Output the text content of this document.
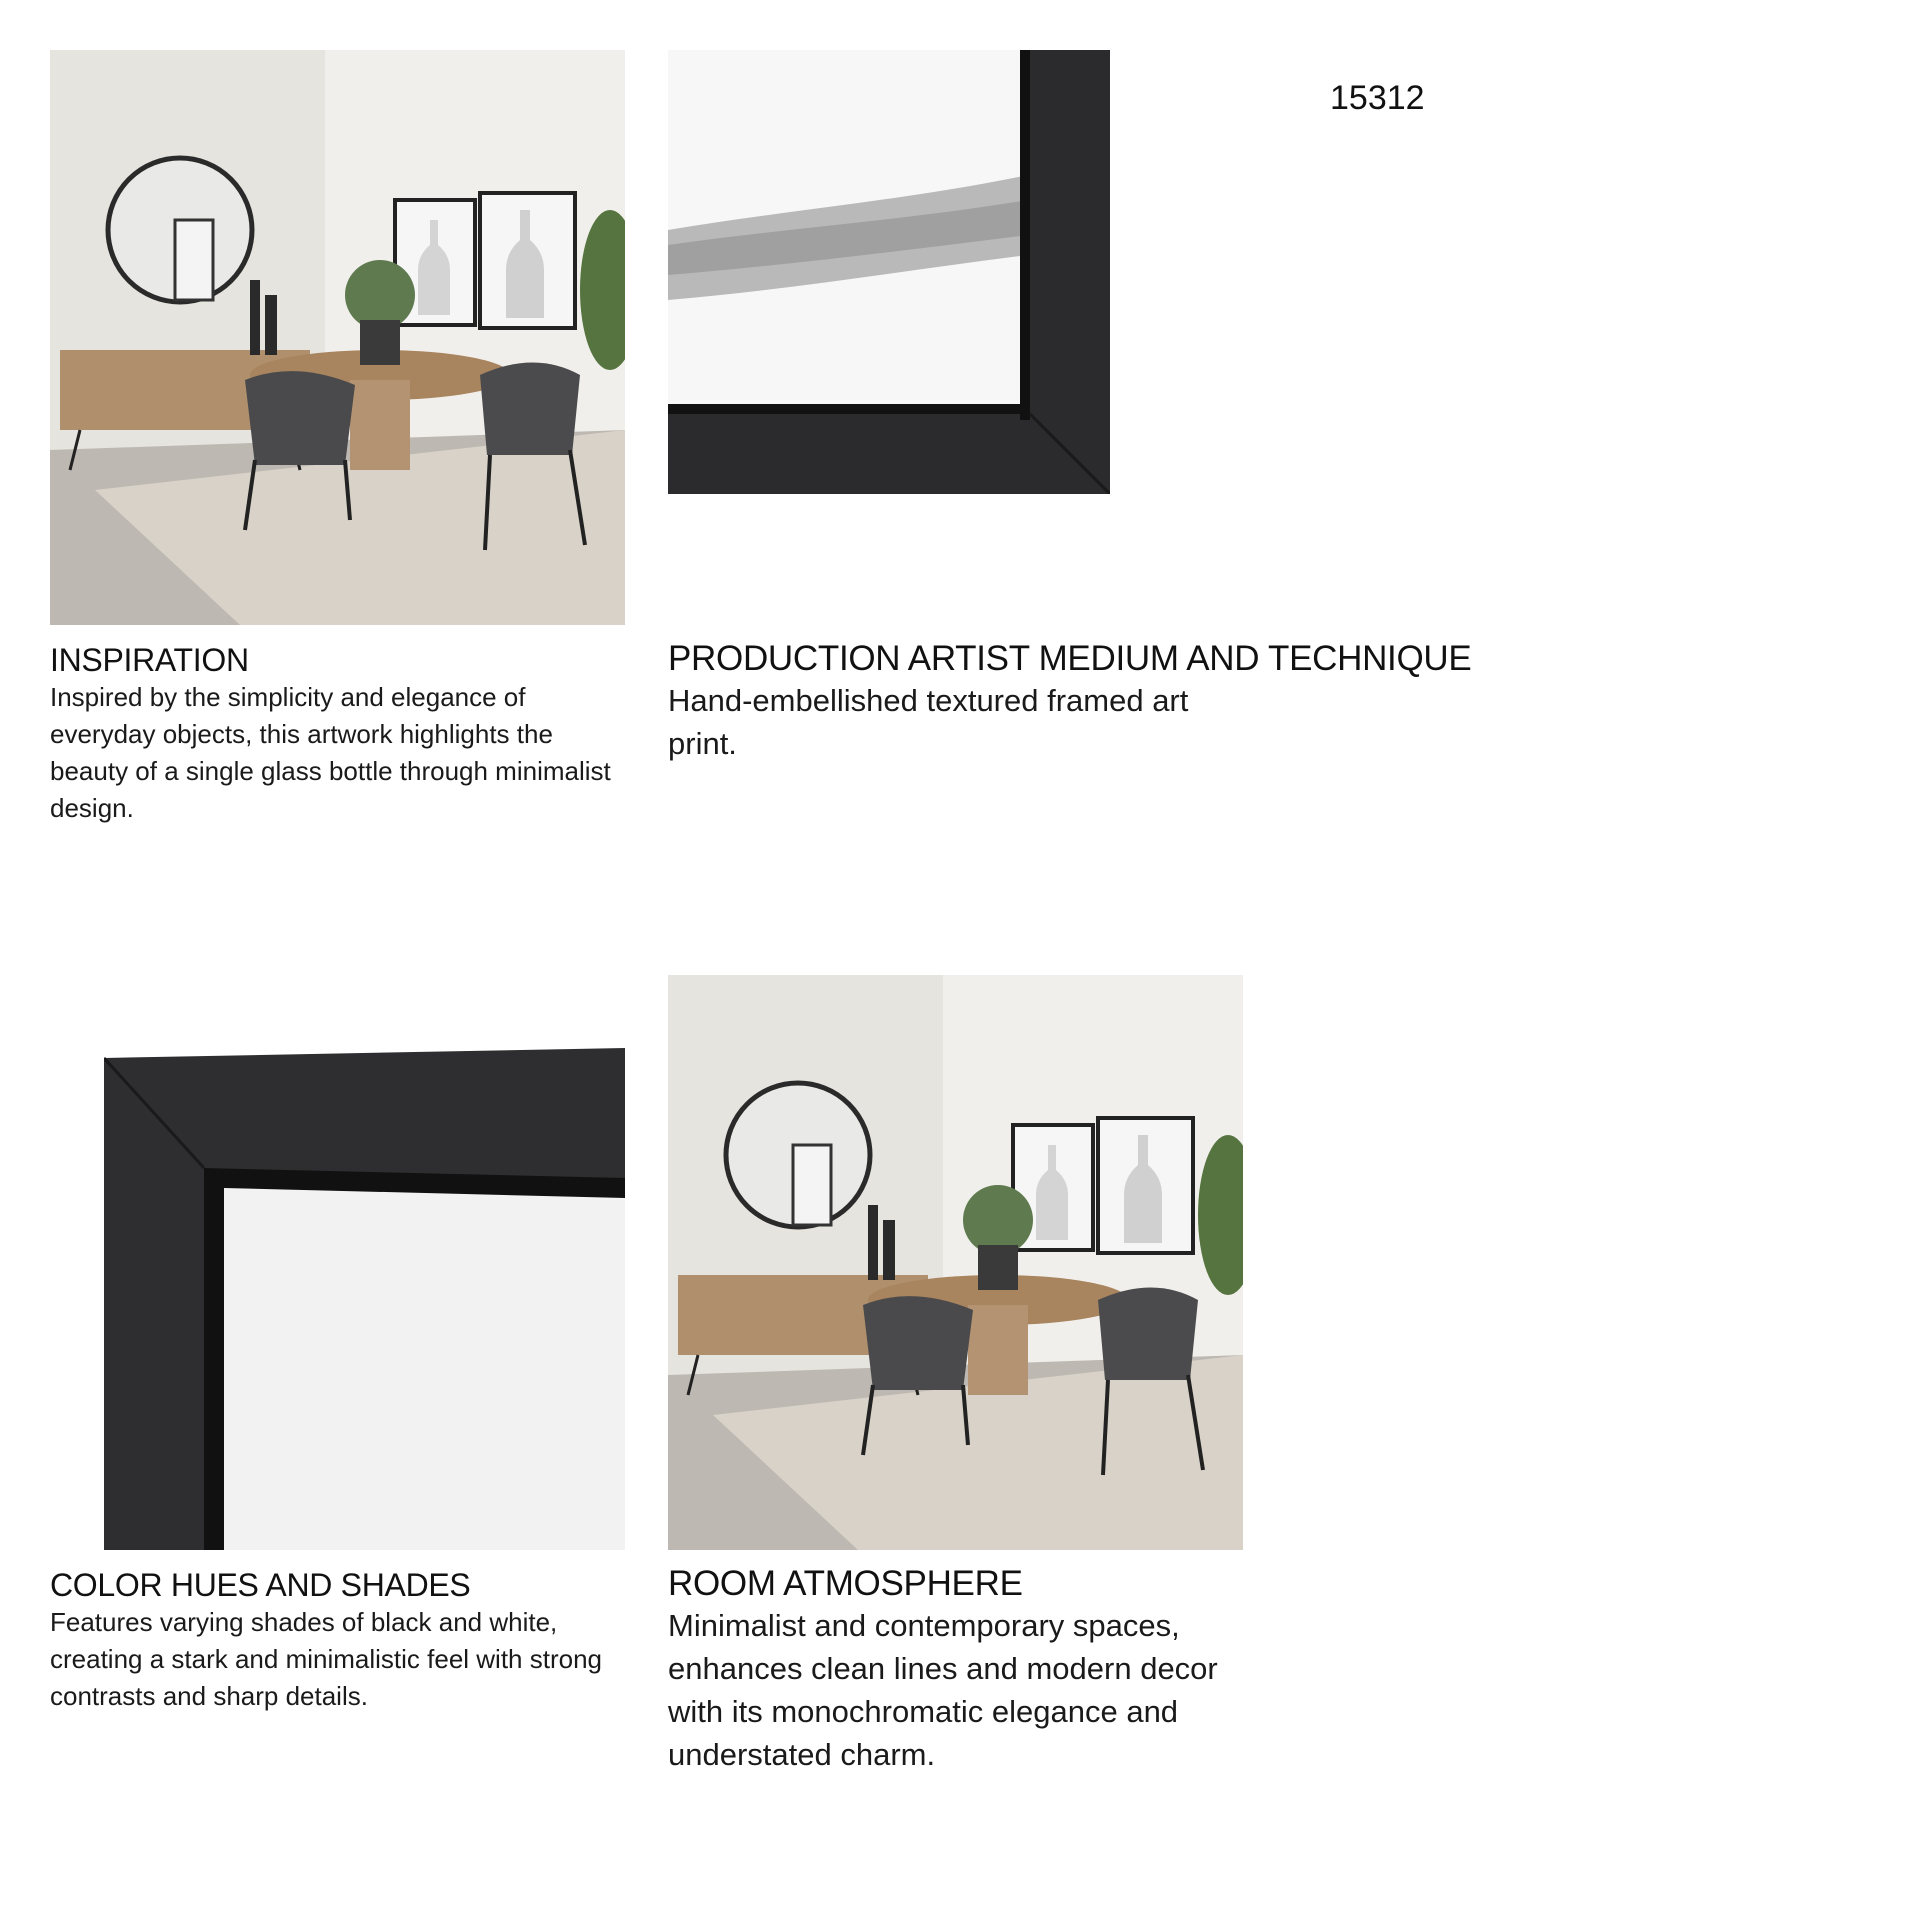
15312
INSPIRATION

Inspired by the simplicity and elegance of everyday objects, this artwork highlights the beauty of a single glass bottle through minimalist design.

PRODUCTION ARTIST MEDIUM AND TECHNIQUE

Hand-embellished textured framed art print.

COLOR HUES AND SHADES

Features varying shades of black and white, creating a stark and minimalistic feel with strong contrasts and sharp details.

ROOM ATMOSPHERE

Minimalist and contemporary spaces, enhances clean lines and modern decor with its monochromatic elegance and understated charm.
